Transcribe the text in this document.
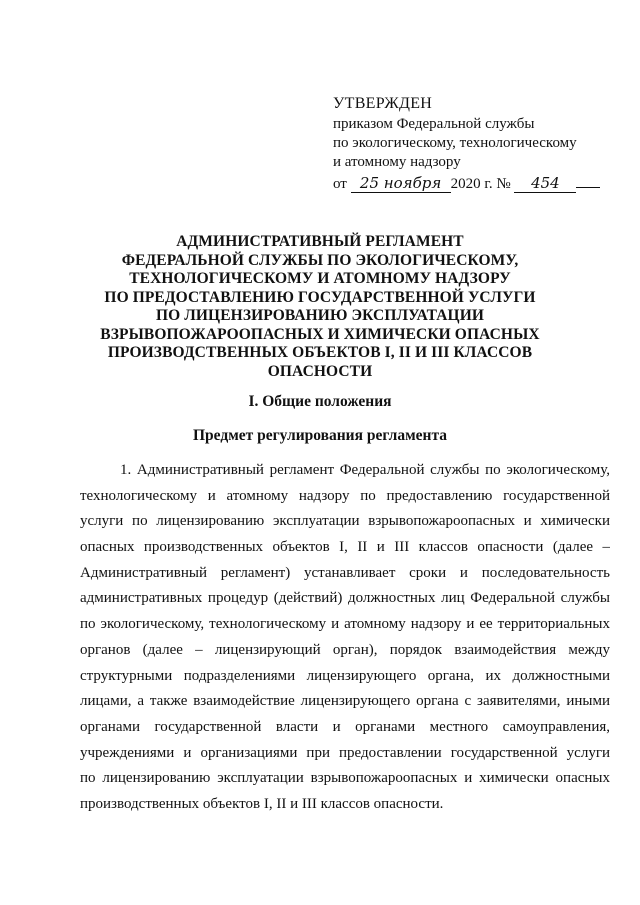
УТВЕРЖДЕН
приказом Федеральной службы
по экологическому, технологическому
и атомному надзору
от 25 ноября 2020 г. № 454
АДМИНИСТРАТИВНЫЙ РЕГЛАМЕНТ
ФЕДЕРАЛЬНОЙ СЛУЖБЫ ПО ЭКОЛОГИЧЕСКОМУ,
ТЕХНОЛОГИЧЕСКОМУ И АТОМНОМУ НАДЗОРУ
ПО ПРЕДОСТАВЛЕНИЮ ГОСУДАРСТВЕННОЙ УСЛУГИ
ПО ЛИЦЕНЗИРОВАНИЮ ЭКСПЛУАТАЦИИ
ВЗРЫВОПОЖАРООПАСНЫХ И ХИМИЧЕСКИ ОПАСНЫХ
ПРОИЗВОДСТВЕННЫХ ОБЪЕКТОВ I, II И III КЛАССОВ
ОПАСНОСТИ
I. Общие положения
Предмет регулирования регламента
1. Административный регламент Федеральной службы по экологическому,
технологическому и атомному надзору по предоставлению государственной
услуги по лицензированию эксплуатации взрывопожароопасных и химически
опасных производственных объектов I, II и III классов опасности (далее –
Административный регламент) устанавливает сроки и последовательность
административных процедур (действий) должностных лиц Федеральной службы
по экологическому, технологическому и атомному надзору и ее территориальных
органов (далее – лицензирующий орган), порядок взаимодействия между
структурными подразделениями лицензирующего органа, их должностными
лицами, а также взаимодействие лицензирующего органа с заявителями, иными
органами государственной власти и органами местного самоуправления,
учреждениями и организациями при предоставлении государственной услуги
по лицензированию эксплуатации взрывопожароопасных и химически опасных
производственных объектов I, II и III классов опасности.
